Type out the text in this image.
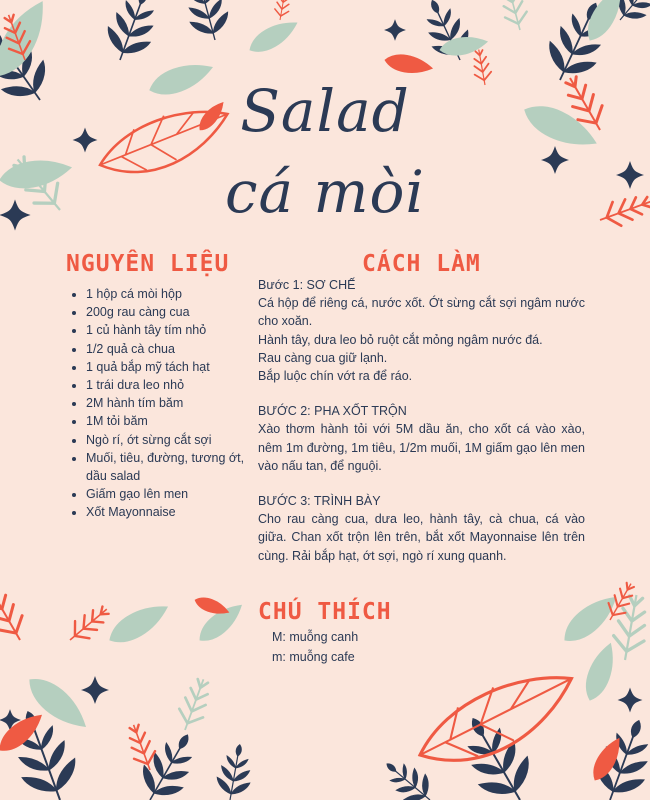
Salad
cá mòi
NGUYÊN LIỆU
• 1 hộp cá mòi hộp
• 200g rau càng cua
• 1 củ hành tây tím nhỏ
• 1/2 quả cà chua
• 1 quả bắp mỹ tách hạt
• 1 trái dưa leo nhỏ
• 2M hành tím băm
• 1M tỏi băm
• Ngò rí, ớt sừng cắt sợi
• Muối, tiêu, đường, tương ớt, dầu salad
• Giấm gạo lên men
• Xốt Mayonnaise
CÁCH LÀM
Bước 1: SƠ CHẾ

Cá hộp để riêng cá, nước xốt. Ớt sừng cắt sợi ngâm nước cho xoăn.

Hành tây, dưa leo bỏ ruột cắt mỏng ngâm nước đá.

Rau càng cua giữ lạnh.

Bắp luộc chín vớt ra để ráo.

BƯỚC 2: PHA XỐT TRỘN

Xào thơm hành tỏi với 5M dầu ăn, cho xốt cá vào xào, nêm 1m đường, 1m tiêu, 1/2m muối, 1M giấm gạo lên men vào nấu tan, để nguội.

BƯỚC 3: TRÌNH BÀY

Cho rau càng cua, dưa leo, hành tây, cà chua, cá vào giữa. Chan xốt trộn lên trên, bắt xốt Mayonnaise lên trên cùng. Rải bắp hạt, ớt sợi, ngò rí xung quanh.

CHÚ THÍCH
M: muỗng canh
m: muỗng cafe
